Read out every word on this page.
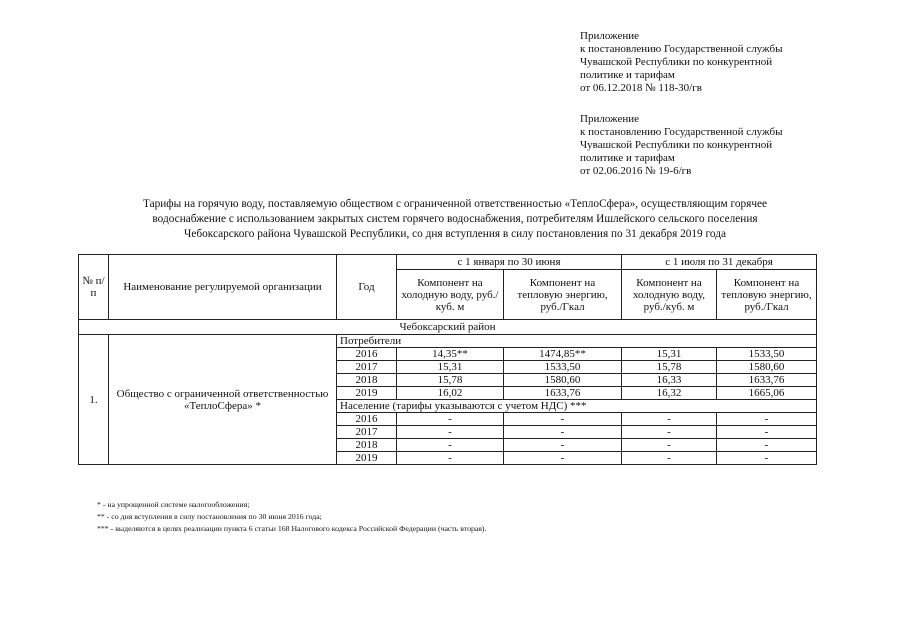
Приложение
к постановлению Государственной службы
Чувашской Республики по конкурентной
политике и тарифам
от 06.12.2018 № 118-30/гв
Приложение
к постановлению Государственной службы
Чувашской Республики по конкурентной
политике и тарифам
от 02.06.2016 № 19-6/гв
Тарифы на горячую воду, поставляемую обществом с ограниченной ответственностью «ТеплоСфера», осуществляющим горячее
водоснабжение с использованием закрытых систем горячего водоснабжения, потребителям Ишлейского сельского поселения
Чебоксарского района Чувашской Республики, со дня вступления в силу постановления по 31 декабря 2019 года
№ п/п	Наименование регулируемой организации	Год	с 1 января по 30 июня		с 1 июля по 31 декабря	
			Компонент на холодную воду, руб./куб. м	Компонент на тепловую энергию, руб./Гкал	Компонент на холодную воду, руб./куб. м	Компонент на тепловую энергию, руб./Гкал
Чебоксарский район						
1.	Общество с ограниченной ответственностью «ТеплоСфера» *	Потребители				
		2016	14,35**	1474,85**	15,31	1533,50
		2017	15,31	1533,50	15,78	1580,60
		2018	15,78	1580,60	16,33	1633,76
		2019	16,02	1633,76	16,32	1665,06
		Население (тарифы указываются с учетом НДС) ***				
		2016	-	-	-	-
		2017	-	-	-	-
		2018	-	-	-	-
		2019	-	-	-	-
* - на упрощенной системе налогообложения;
** - со дня вступления в силу постановления по 30 июня 2016 года;
*** - выделяются в целях реализации пункта 6 статьи 168 Налогового кодекса Российской Федерации (часть вторая).
